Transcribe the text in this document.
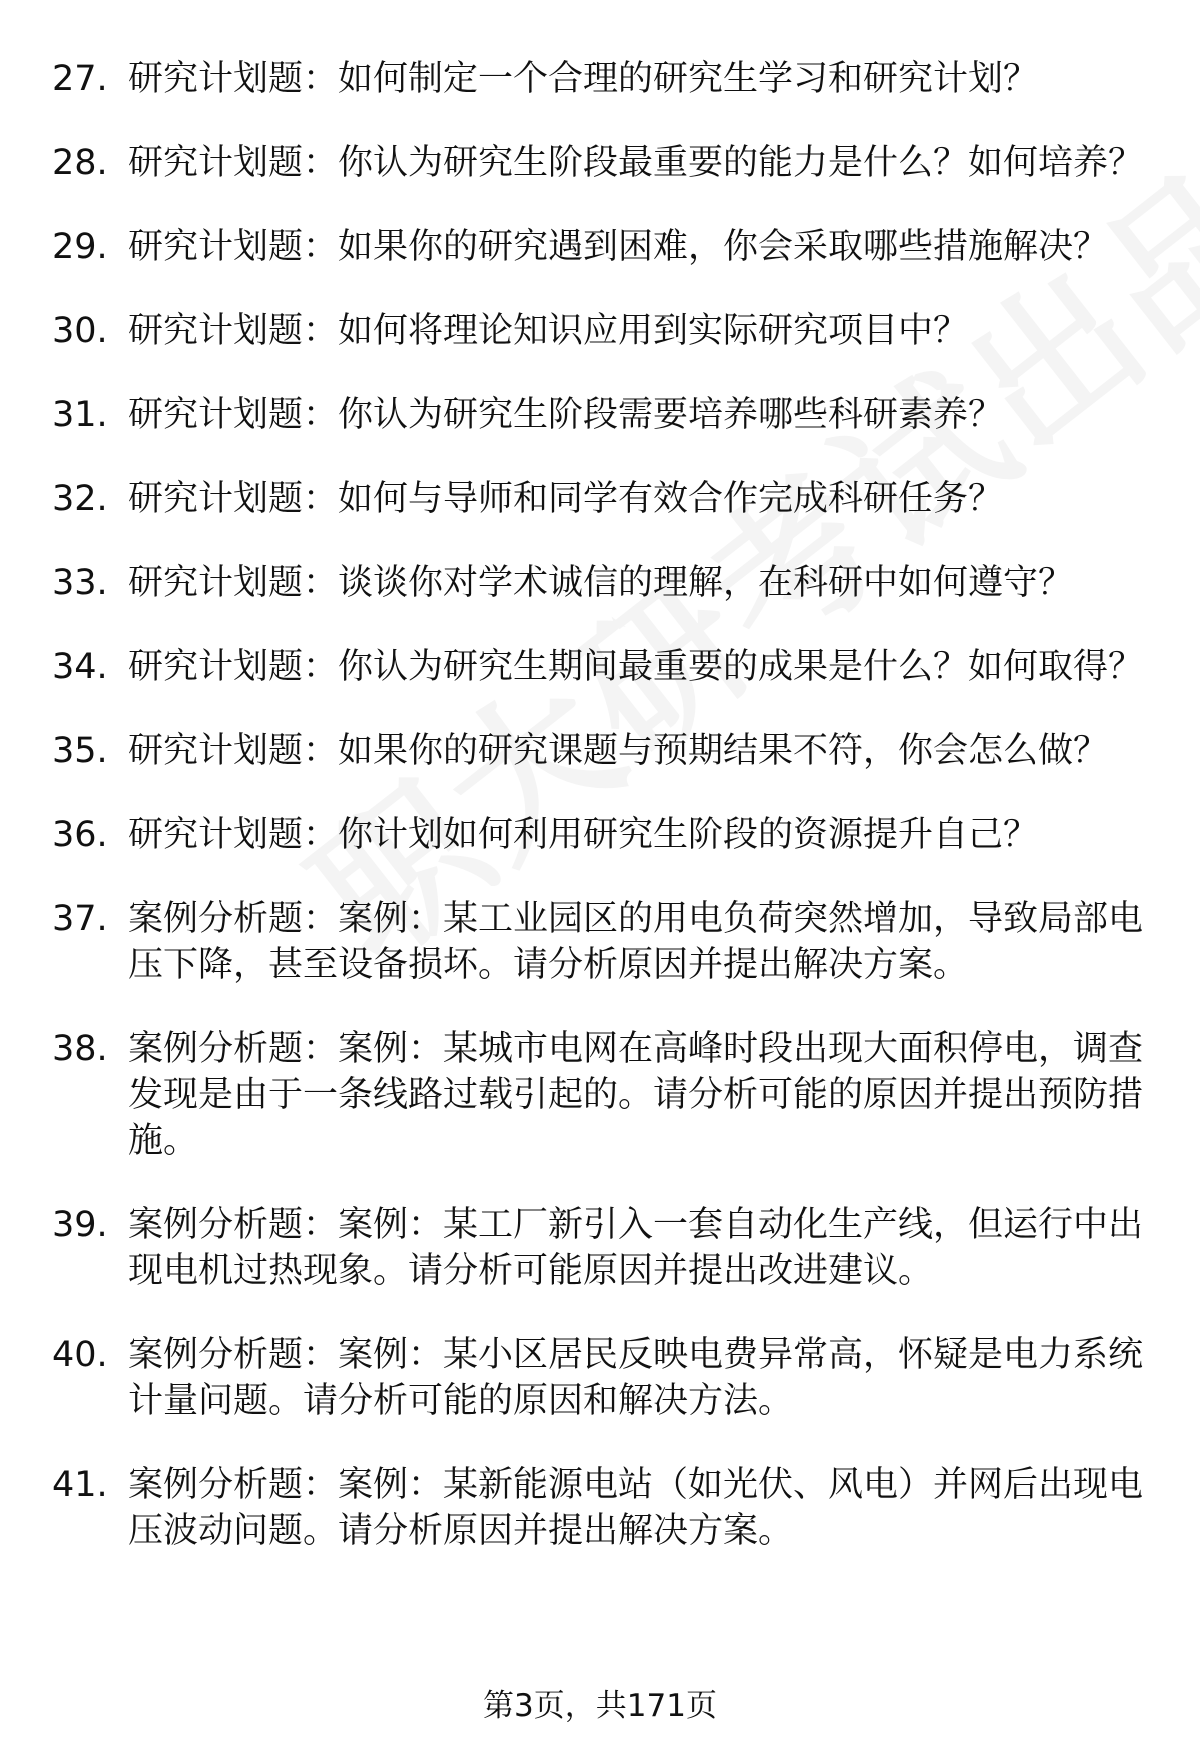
27. 研究计划题：如何制定一个合理的研究生学习和研究计划？
28. 研究计划题：你认为研究生阶段最重要的能力是什么？如何培养？
29. 研究计划题：如果你的研究遇到困难，你会采取哪些措施解决？
30. 研究计划题：如何将理论知识应用到实际研究项目中？
31. 研究计划题：你认为研究生阶段需要培养哪些科研素养？
32. 研究计划题：如何与导师和同学有效合作完成科研任务？
33. 研究计划题：谈谈你对学术诚信的理解，在科研中如何遵守？
34. 研究计划题：你认为研究生期间最重要的成果是什么？如何取得？
35. 研究计划题：如果你的研究课题与预期结果不符，你会怎么做？
36. 研究计划题：你计划如何利用研究生阶段的资源提升自己？
37. 案例分析题：案例：某工业园区的用电负荷突然增加，导致局部电压下降，甚至设备损坏。请分析原因并提出解决方案。
38. 案例分析题：案例：某城市电网在高峰时段出现大面积停电，调查发现是由于一条线路过载引起的。请分析可能的原因并提出预防措施。
39. 案例分析题：案例：某工厂新引入一套自动化生产线，但运行中出现电机过热现象。请分析可能原因并提出改进建议。
40. 案例分析题：案例：某小区居民反映电费异常高，怀疑是电力系统计量问题。请分析可能的原因和解决方法。
41. 案例分析题：案例：某新能源电站（如光伏、风电）并网后出现电压波动问题。请分析原因并提出解决方案。
第3页，共171页
